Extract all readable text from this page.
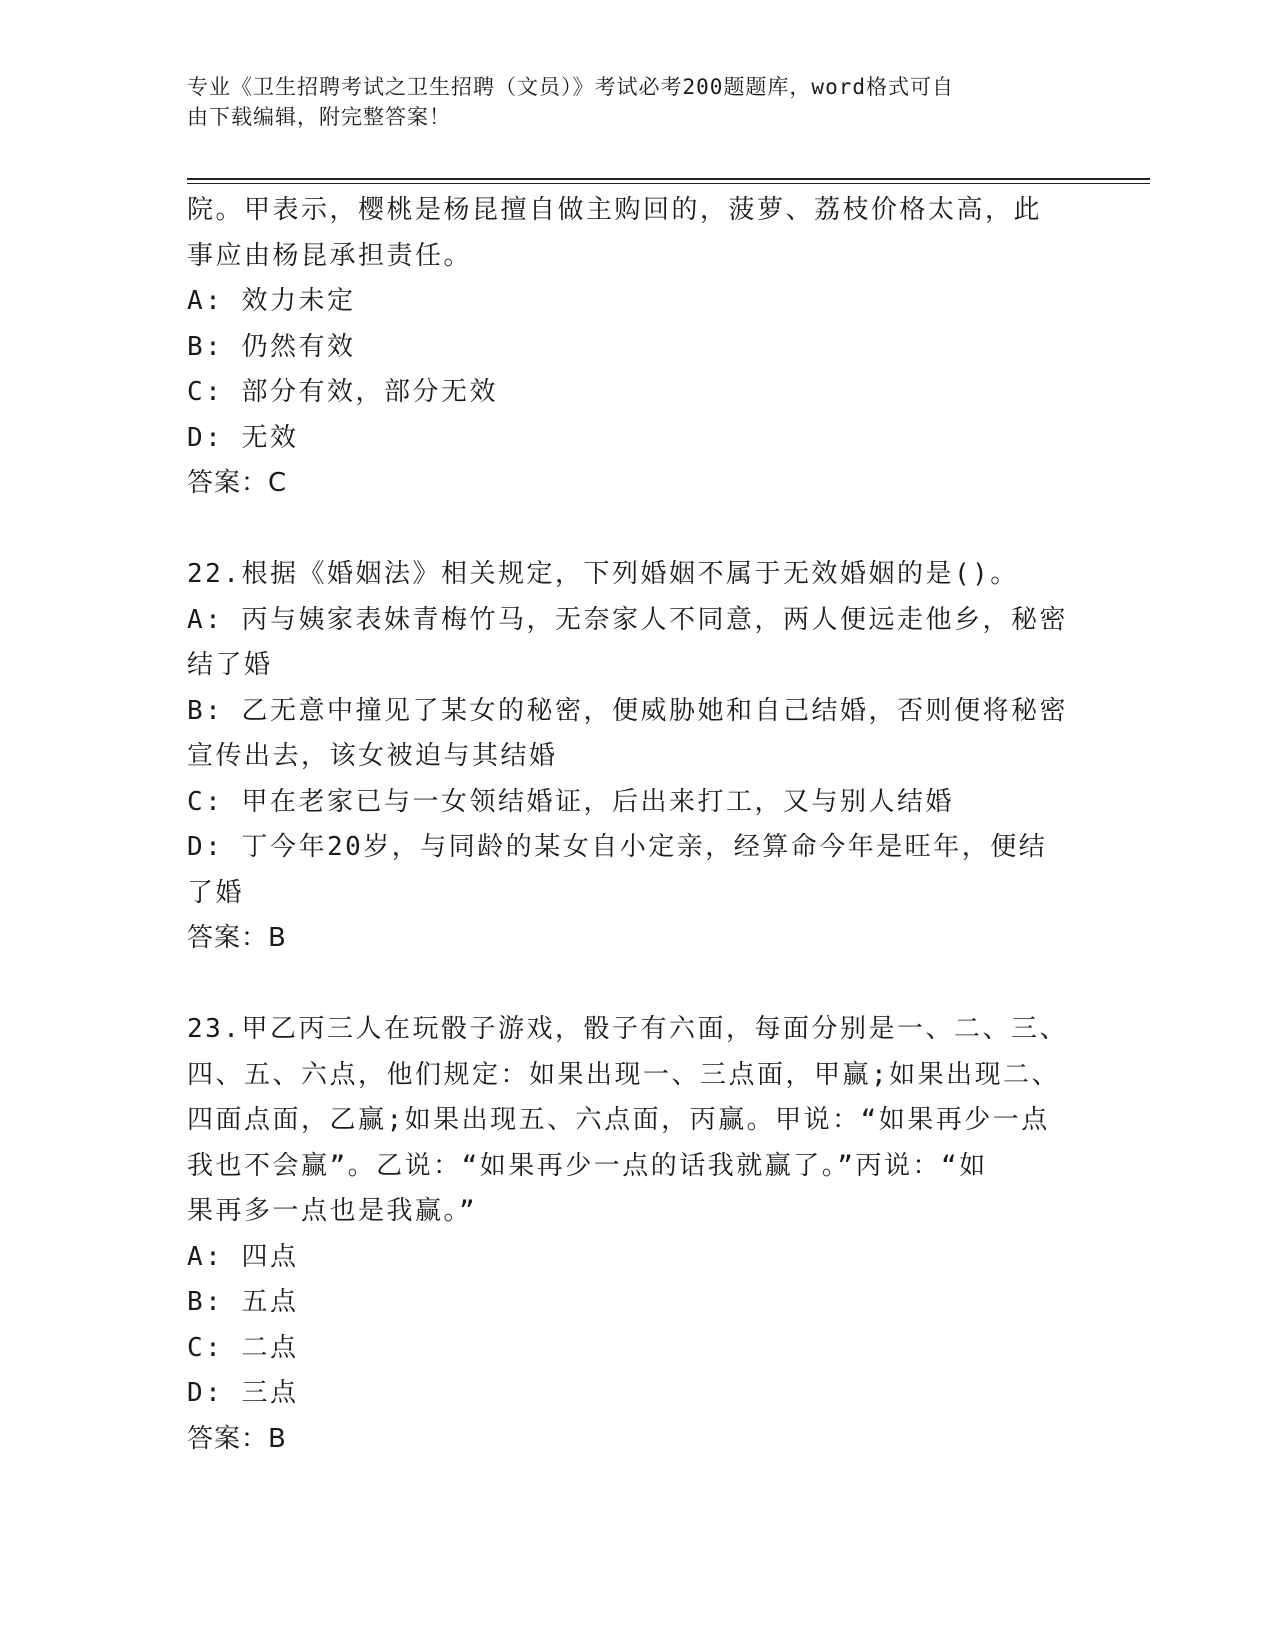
专业《卫生招聘考试之卫生招聘（文员）》考试必考200题题库，word格式可自
由下载编辑，附完整答案！
院。甲表示，樱桃是杨昆擅自做主购回的，菠萝、荔枝价格太高，此
事应由杨昆承担责任。
A: 效力未定
B: 仍然有效
C: 部分有效，部分无效
D: 无效
答案：C
22.根据《婚姻法》相关规定，下列婚姻不属于无效婚姻的是()。
A: 丙与姨家表妹青梅竹马，无奈家人不同意，两人便远走他乡，秘密
结了婚
B: 乙无意中撞见了某女的秘密，便威胁她和自己结婚，否则便将秘密
宣传出去，该女被迫与其结婚
C: 甲在老家已与一女领结婚证，后出来打工，又与别人结婚
D: 丁今年20岁，与同龄的某女自小定亲，经算命今年是旺年，便结
了婚
答案：B
23.甲乙丙三人在玩骰子游戏，骰子有六面，每面分别是一、二、三、
四、五、六点，他们规定：如果出现一、三点面，甲赢;如果出现二、
四面点面，乙赢;如果出现五、六点面，丙赢。甲说：“如果再少一点
我也不会赢”。乙说：“如果再少一点的话我就赢了。”丙说：“如
果再多一点也是我赢。”
A: 四点
B: 五点
C: 二点
D: 三点
答案：B
